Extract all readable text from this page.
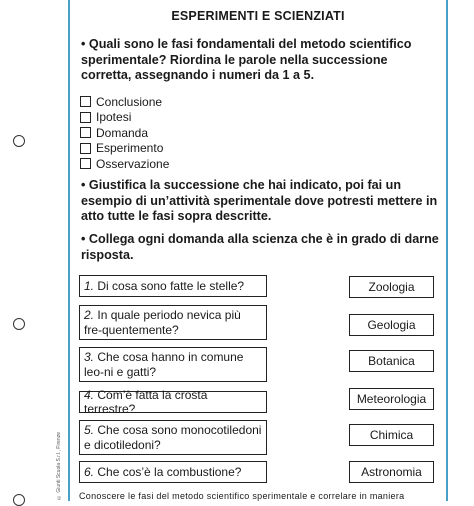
ESPERIMENTI E SCIENZIATI
• Quali sono le fasi fondamentali del metodo scientifico sperimentale? Riordina le parole nella successione corretta, assegnando i numeri da 1 a 5.
Conclusione
Ipotesi
Domanda
Esperimento
Osservazione
• Giustifica la successione che hai indicato, poi fai un esempio di un’attività sperimentale dove potresti mettere in atto tutte le fasi sopra descritte.
• Collega ogni domanda alla scienza che è in grado di darne risposta.
1. Di cosa sono fatte le stelle?
2. In quale periodo nevica più fre-quentemente?
3. Che cosa hanno in comune leo-ni e gatti?
4. Com’è fatta la crosta terrestre?
5. Che cosa sono monocotiledoni e dicotiledoni?
6. Che cos’è la combustione?
Zoologia
Geologia
Botanica
Meteorologia
Chimica
Astronomia
© Giunti Scuola S.r.l., Firenze	Conoscere le fasi del metodo scientifico sperimentale e correlare in maniera
